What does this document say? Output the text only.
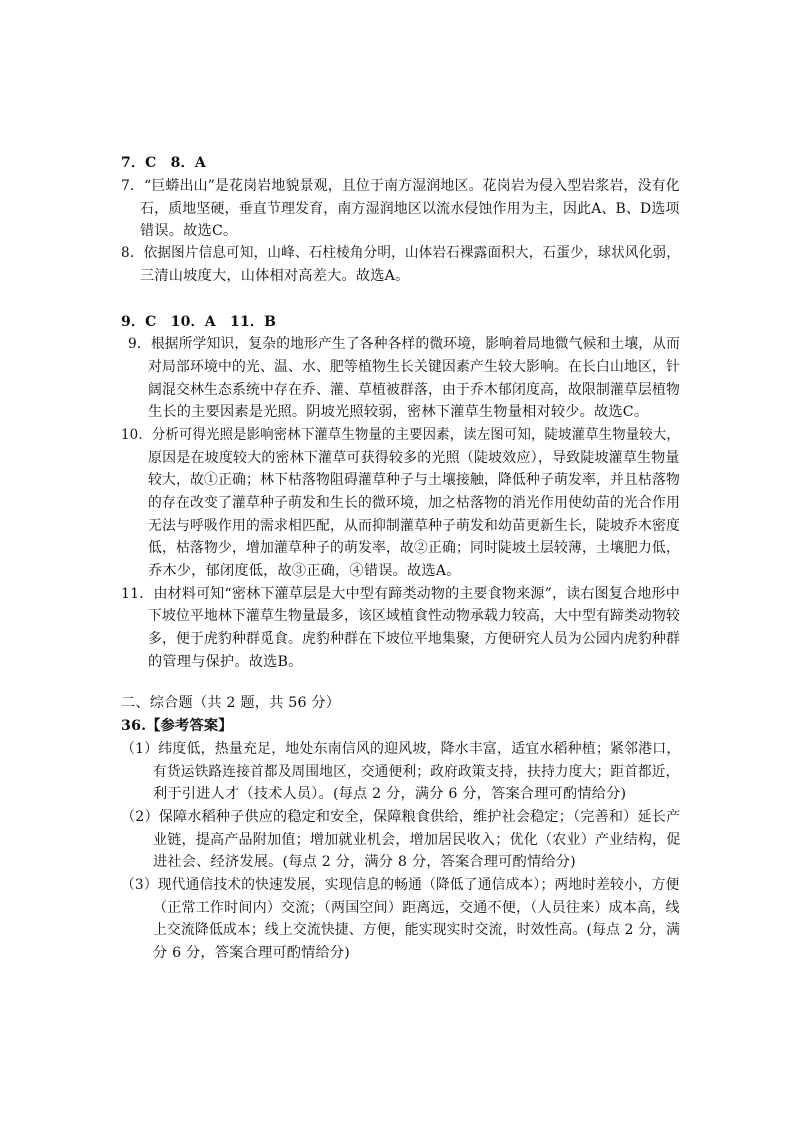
7．C　8．A
7．“巨蟒出山”是花岗岩地貌景观，且位于南方湿润地区。花岗岩为侵入型岩浆岩，没有化
石，质地坚硬，垂直节理发育，南方湿润地区以流水侵蚀作用为主，因此A、B、D选项
错误。故选C。
8．依据图片信息可知，山峰、石柱棱角分明，山体岩石裸露面积大，石蛋少，球状风化弱，
三清山坡度大，山体相对高差大。故选A。
9．C　10．A　11．B
9．根据所学知识，复杂的地形产生了各种各样的微环境，影响着局地微气候和土壤，从而
对局部环境中的光、温、水、肥等植物生长关键因素产生较大影响。在长白山地区，针
阔混交林生态系统中存在乔、灌、草植被群落，由于乔木郁闭度高，故限制灌草层植物
生长的主要因素是光照。阴坡光照较弱，密林下灌草生物量相对较少。故选C。
10．分析可得光照是影响密林下灌草生物量的主要因素，读左图可知，陡坡灌草生物量较大，
原因是在坡度较大的密林下灌草可获得较多的光照（陡坡效应），导致陡坡灌草生物量
较大，故①正确；林下枯落物阻碍灌草种子与土壤接触，降低种子萌发率，并且枯落物
的存在改变了灌草种子萌发和生长的微环境，加之枯落物的消光作用使幼苗的光合作用
无法与呼吸作用的需求相匹配，从而抑制灌草种子萌发和幼苗更新生长，陡坡乔木密度
低，枯落物少，增加灌草种子的萌发率，故②正确；同时陡坡土层较薄，土壤肥力低，
乔木少，郁闭度低，故③正确，④错误。故选A。
11．由材料可知“密林下灌草层是大中型有蹄类动物的主要食物来源”，读右图复合地形中
下坡位平地林下灌草生物量最多，该区域植食性动物承载力较高，大中型有蹄类动物较
多，便于虎豹种群觅食。虎豹种群在下坡位平地集聚，方便研究人员为公园内虎豹种群
的管理与保护。故选B。
二、综合题（共 2 题，共 56 分）
36.【参考答案】
（1）纬度低，热量充足，地处东南信风的迎风坡，降水丰富，适宜水稻种植；紧邻港口，
有货运铁路连接首都及周围地区，交通便利；政府政策支持，扶持力度大；距首都近，
利于引进人才（技术人员）。(每点 2 分，满分 6 分，答案合理可酌情给分)
（2）保障水稻种子供应的稳定和安全，保障粮食供给，维护社会稳定；（完善和）延长产
业链，提高产品附加值；增加就业机会，增加居民收入；优化（农业）产业结构，促
进社会、经济发展。(每点 2 分，满分 8 分，答案合理可酌情给分)
（3）现代通信技术的快速发展，实现信息的畅通（降低了通信成本）；两地时差较小，方便
（正常工作时间内）交流；（两国空间）距离远，交通不便，（人员往来）成本高，线
上交流降低成本；线上交流快捷、方便，能实现实时交流，时效性高。(每点 2 分，满
分 6 分，答案合理可酌情给分)
